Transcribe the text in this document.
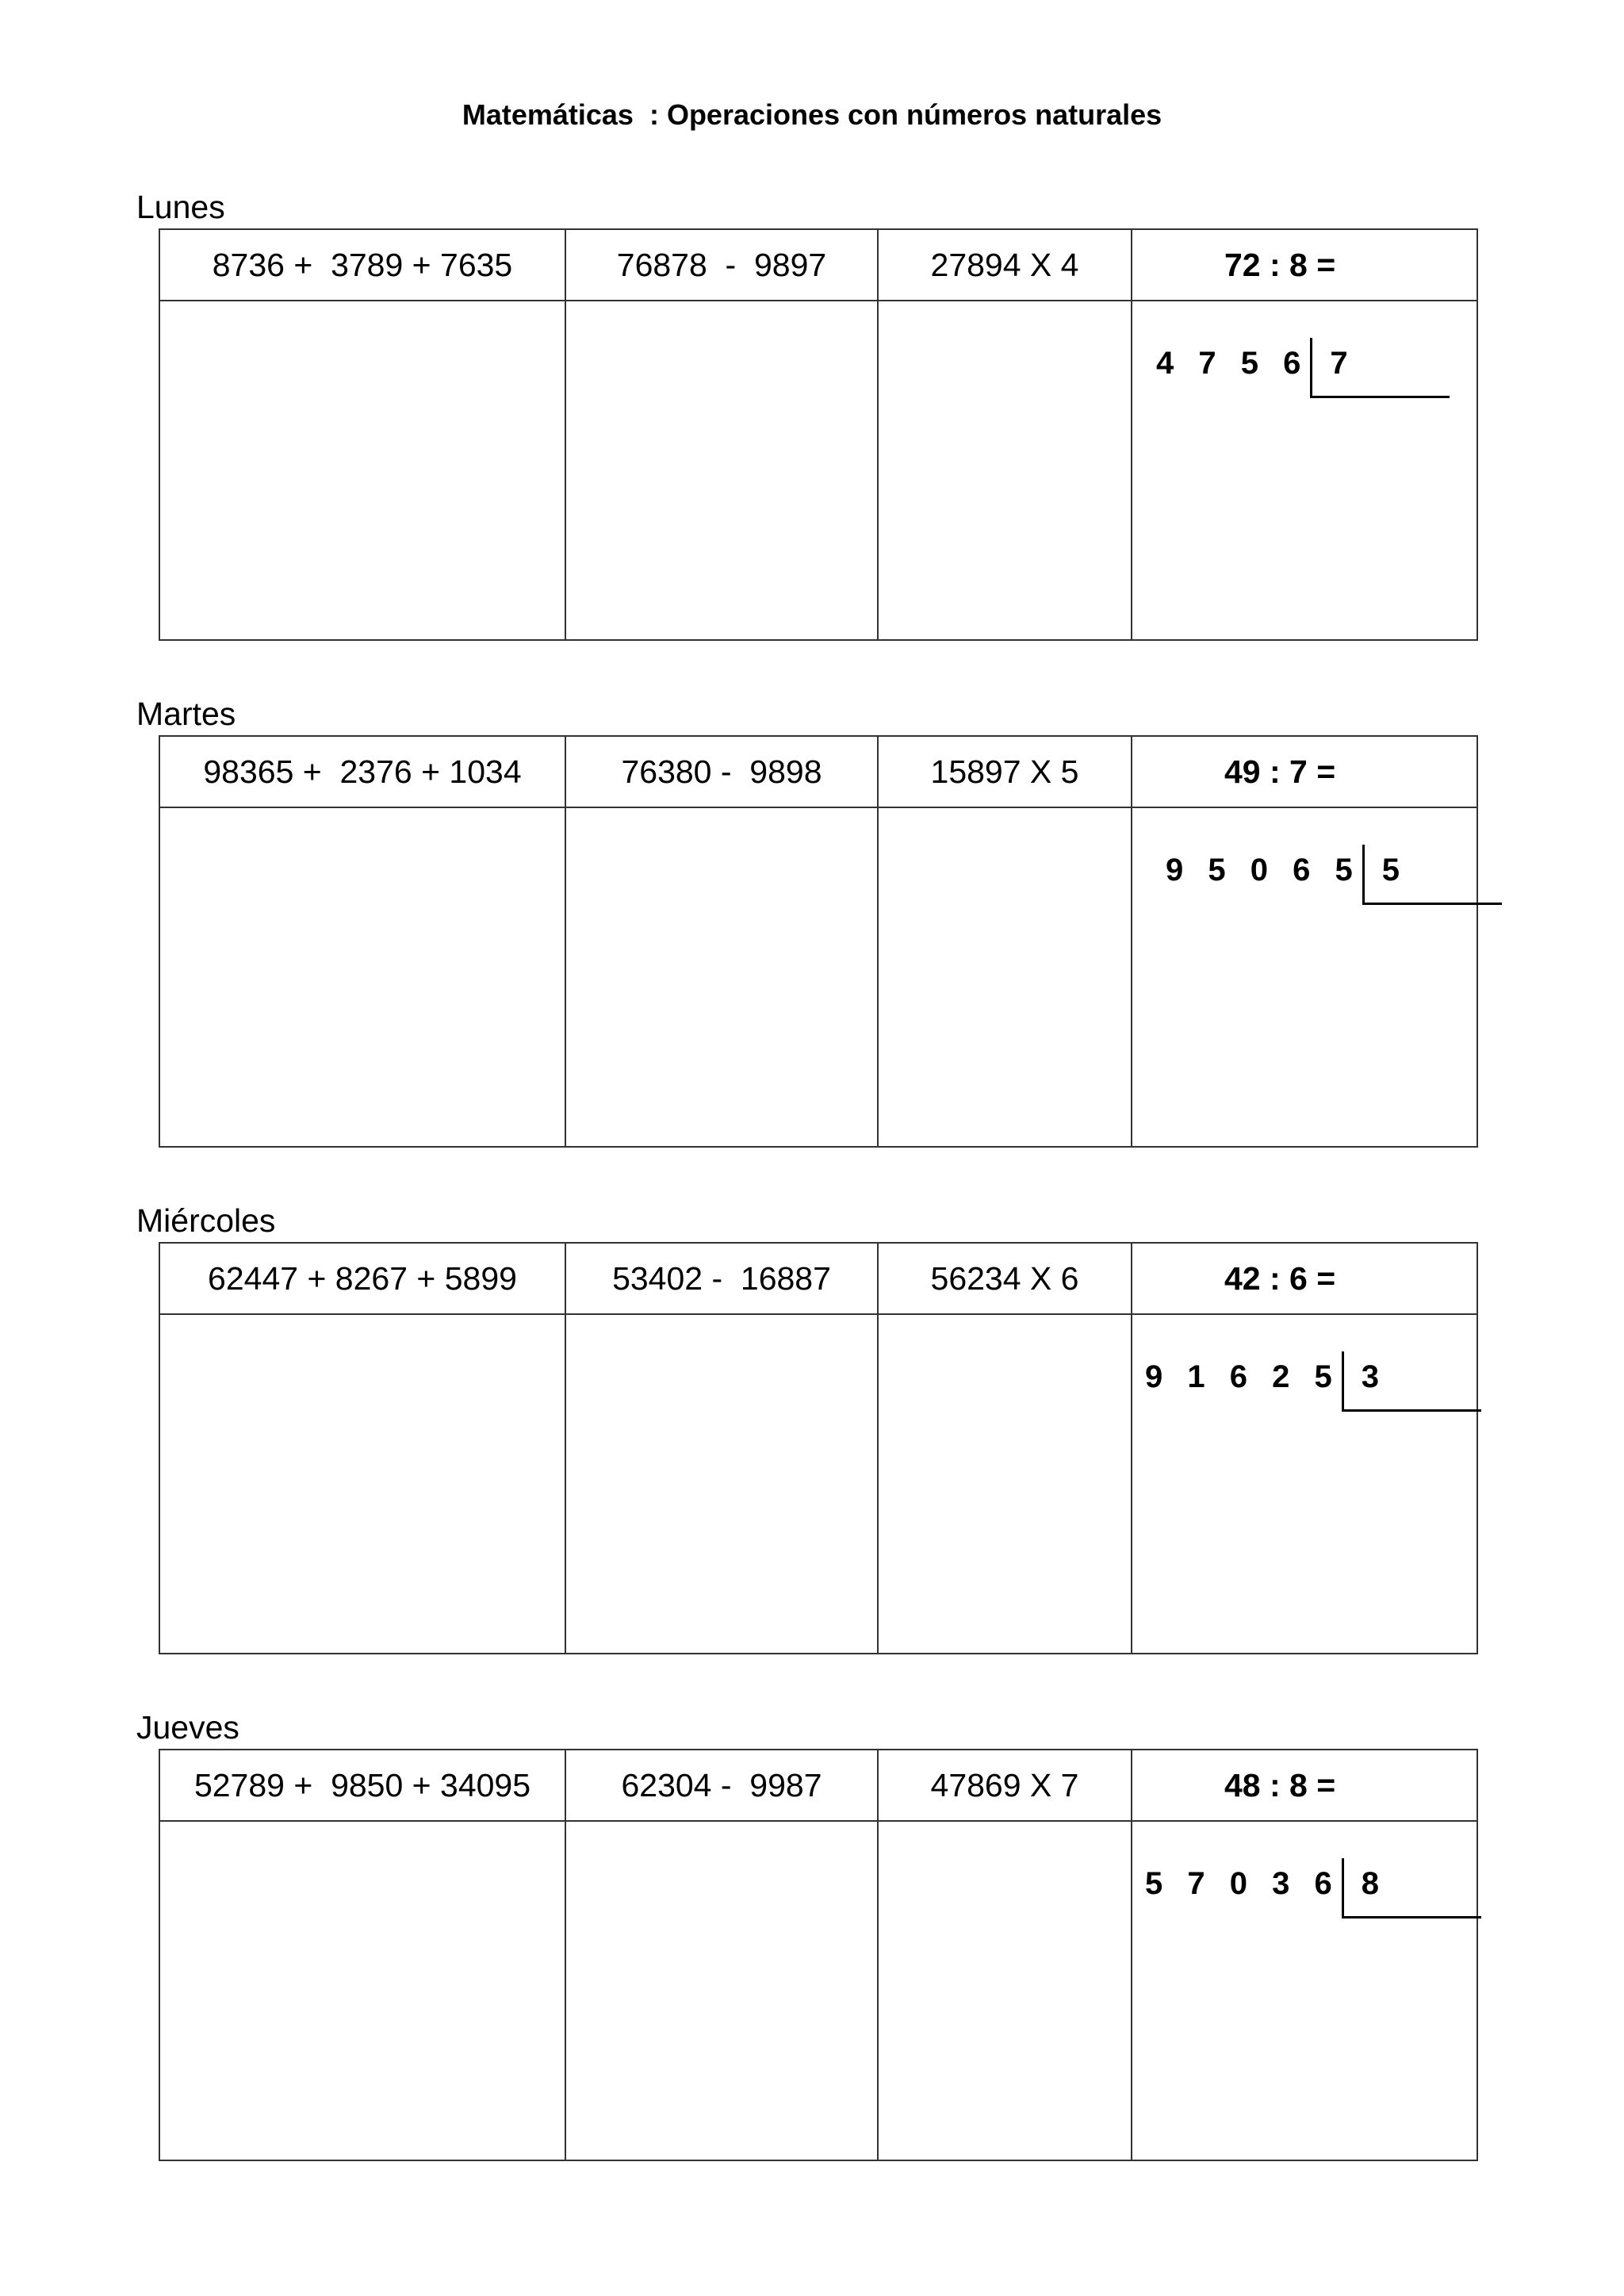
Matemáticas  : Operaciones con números naturales
Lunes
8736 +  3789 + 7635	76878  -  9897	27894 X 4	72 : 8 =

			4 7 5 6 7
Martes
98365 +  2376 + 1034	76380 -  9898	15897 X 5	49 : 7 =

			9 5 0 6 5 5
Miércoles
62447 + 8267 + 5899	53402 -  16887	56234 X 6	42 : 6 =

			9 1 6 2 5 3
Jueves
52789 +  9850 + 34095	62304 -  9987	47869 X 7	48 : 8 =

			5 7 0 3 6 8
